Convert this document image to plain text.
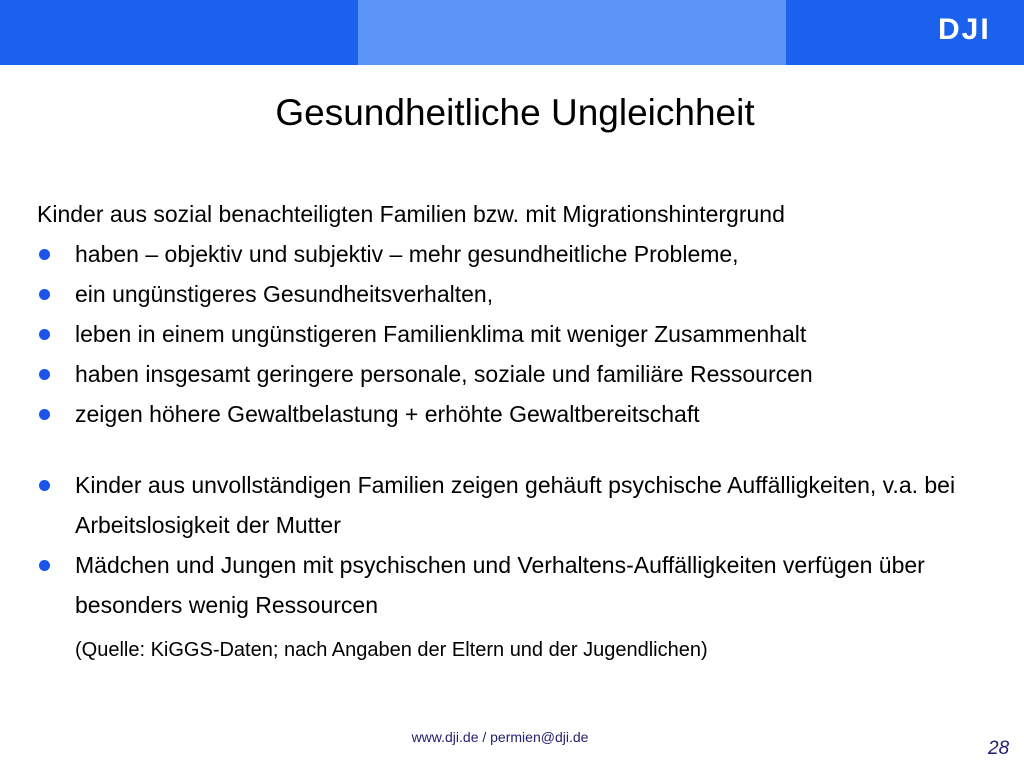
DJI
Gesundheitliche Ungleichheit
Kinder aus sozial benachteiligten Familien bzw. mit Migrationshintergrund
haben – objektiv und subjektiv – mehr gesundheitliche Probleme,
ein ungünstigeres Gesundheitsverhalten,
leben in einem ungünstigeren Familienklima mit weniger Zusammenhalt
haben insgesamt geringere personale, soziale und familiäre Ressourcen
zeigen höhere Gewaltbelastung + erhöhte Gewaltbereitschaft
Kinder aus unvollständigen Familien zeigen gehäuft psychische Auffälligkeiten, v.a. bei Arbeitslosigkeit der Mutter
Mädchen und Jungen mit psychischen und Verhaltens-Auffälligkeiten verfügen über besonders wenig Ressourcen
(Quelle: KiGGS-Daten; nach Angaben der Eltern und der Jugendlichen)
www.dji.de / permien@dji.de
28
